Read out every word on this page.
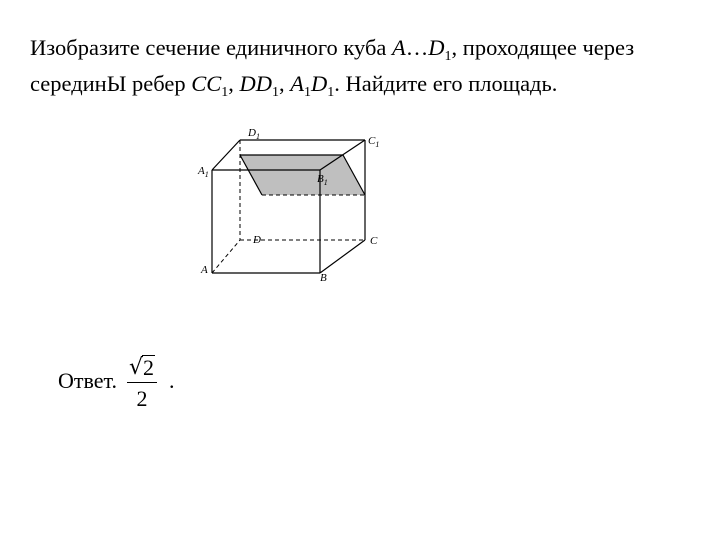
Изобразите сечение единичного куба $A\dots D_1$, проходящее через серединЫ ребер $CC_1$, $DD_1$, $A_1D_1$. Найдите его площадь.
$D_1$	$C_1$
$A_1$	$B_1$
D	C
A
B
Ответ. $\frac{√ 2}{2}$ .
